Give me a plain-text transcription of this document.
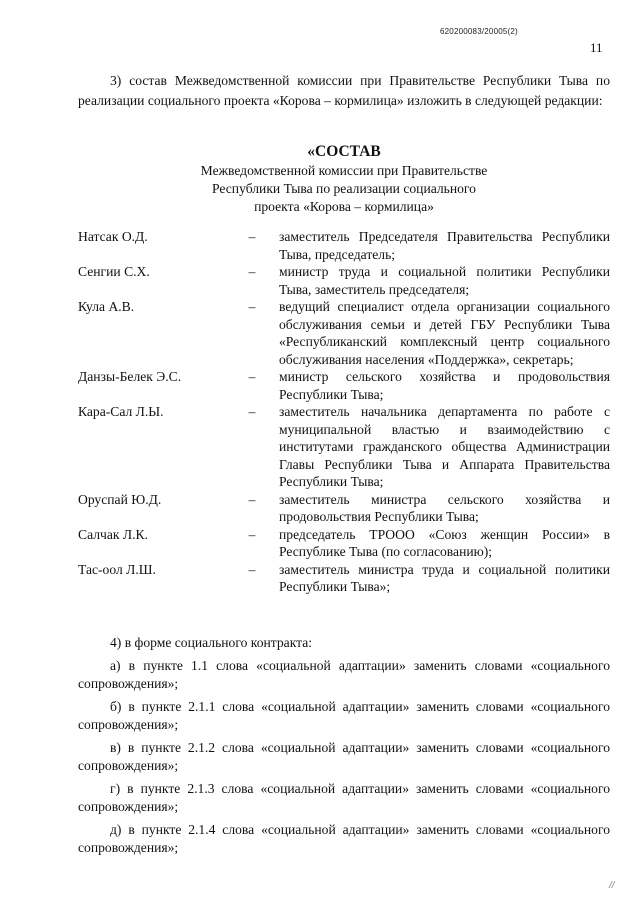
620200083/20005(2)
11
3) состав Межведомственной комиссии при Правительстве Республики Тыва по реализации социального проекта «Корова – кормилица» изложить в следующей редакции:
«СОСТАВ
Межведомственной комиссии при Правительстве
Республики Тыва по реализации социального
проекта «Корова – кормилица»
Натсак О.Д.	–	заместитель Председателя Правительства Республики Тыва, председатель;
Сенгии С.Х.	–	министр труда и социальной политики Республики Тыва, заместитель председателя;
Кула А.В.	–	ведущий специалист отдела организации социального обслуживания семьи и детей ГБУ Республики Тыва «Республиканский комплексный центр социального обслуживания населения «Поддержка», секретарь;
Данзы-Белек Э.С.	–	министр сельского хозяйства и продовольствия Республики Тыва;
Кара-Сал Л.Ы.	–	заместитель начальника департамента по работе с муниципальной властью и взаимодействию с институтами гражданского общества Администрации Главы Республики Тыва и Аппарата Правительства Республики Тыва;
Оруспай Ю.Д.	–	заместитель министра сельского хозяйства и продовольствия Республики Тыва;
Салчак Л.К.	–	председатель ТРООО «Союз женщин России» в Республике Тыва (по согласованию);
Тас-оол Л.Ш.	–	заместитель министра труда и социальной политики Республики Тыва»;

4) в форме социального контракта:

а) в пункте 1.1 слова «социальной адаптации» заменить словами «социального сопровождения»;

б) в пункте 2.1.1 слова «социальной адаптации» заменить словами «социального сопровождения»;

в) в пункте 2.1.2 слова «социальной адаптации» заменить словами «социального сопровождения»;

г) в пункте 2.1.3 слова «социальной адаптации» заменить словами «социального сопровождения»;

д) в пункте 2.1.4 слова «социальной адаптации» заменить словами «социального сопровождения»;

//
